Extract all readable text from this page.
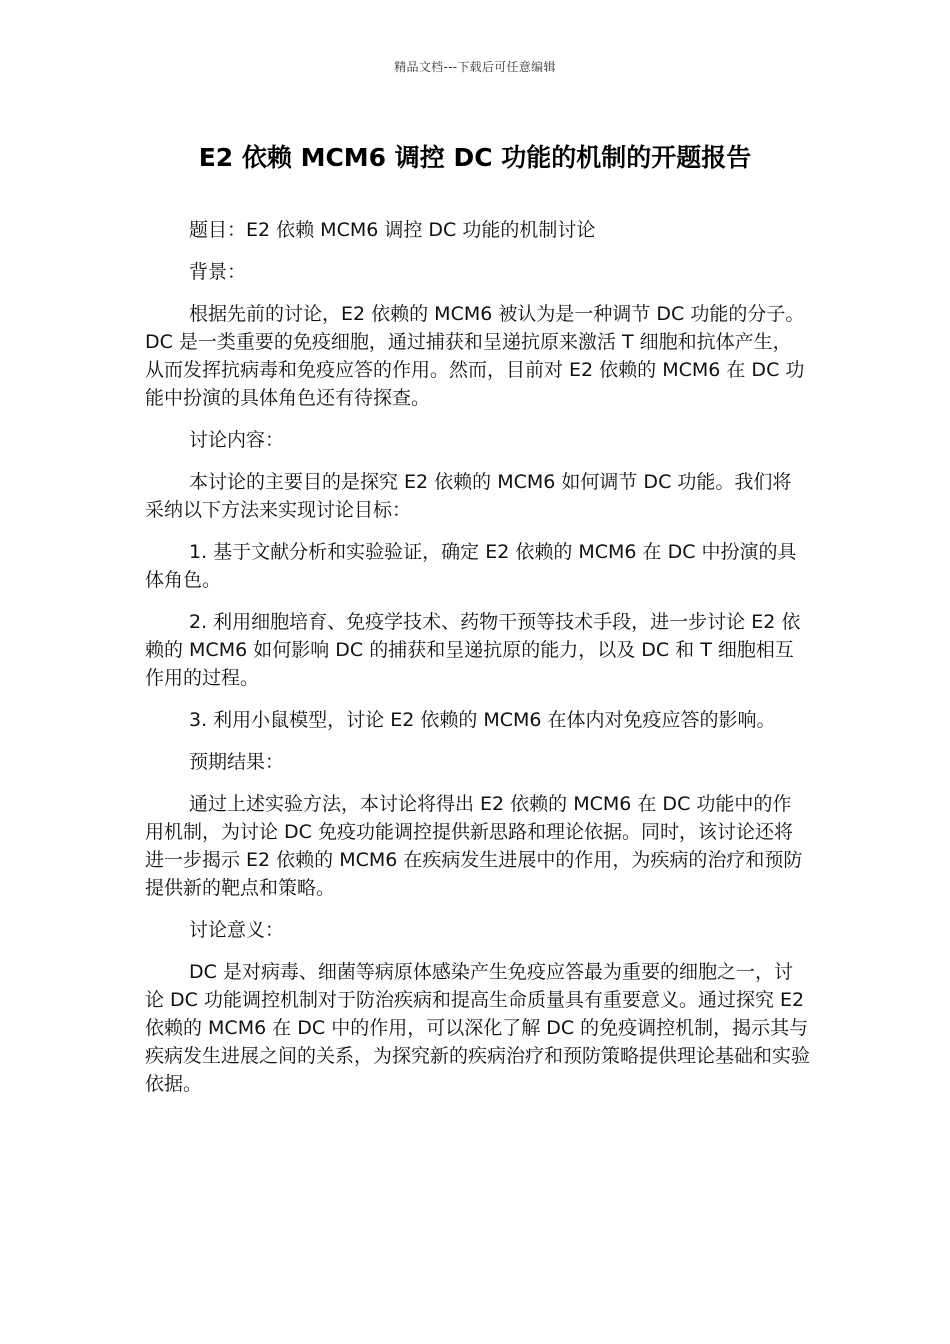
精品文档---下载后可任意编辑
E2 依赖 MCM6 调控 DC 功能的机制的开题报告

题目：E2 依赖 MCM6 调控 DC 功能的机制讨论

背景：

根据先前的讨论，E2 依赖的 MCM6 被认为是一种调节 DC 功能的分子。DC 是一类重要的免疫细胞，通过捕获和呈递抗原来激活 T 细胞和抗体产生，从而发挥抗病毒和免疫应答的作用。然而，目前对 E2 依赖的 MCM6 在 DC 功能中扮演的具体角色还有待探查。

讨论内容：

本讨论的主要目的是探究 E2 依赖的 MCM6 如何调节 DC 功能。我们将采纳以下方法来实现讨论目标：

1. 基于文献分析和实验验证，确定 E2 依赖的 MCM6 在 DC 中扮演的具体角色。

2. 利用细胞培育、免疫学技术、药物干预等技术手段，进一步讨论 E2 依赖的 MCM6 如何影响 DC 的捕获和呈递抗原的能力，以及 DC 和 T 细胞相互作用的过程。

3. 利用小鼠模型，讨论 E2 依赖的 MCM6 在体内对免疫应答的影响。

预期结果：

通过上述实验方法，本讨论将得出 E2 依赖的 MCM6 在 DC 功能中的作用机制，为讨论 DC 免疫功能调控提供新思路和理论依据。同时，该讨论还将进一步揭示 E2 依赖的 MCM6 在疾病发生进展中的作用，为疾病的治疗和预防提供新的靶点和策略。

讨论意义：

DC 是对病毒、细菌等病原体感染产生免疫应答最为重要的细胞之一，讨论 DC 功能调控机制对于防治疾病和提高生命质量具有重要意义。通过探究 E2 依赖的 MCM6 在 DC 中的作用，可以深化了解 DC 的免疫调控机制，揭示其与疾病发生进展之间的关系，为探究新的疾病治疗和预防策略提供理论基础和实验依据。
